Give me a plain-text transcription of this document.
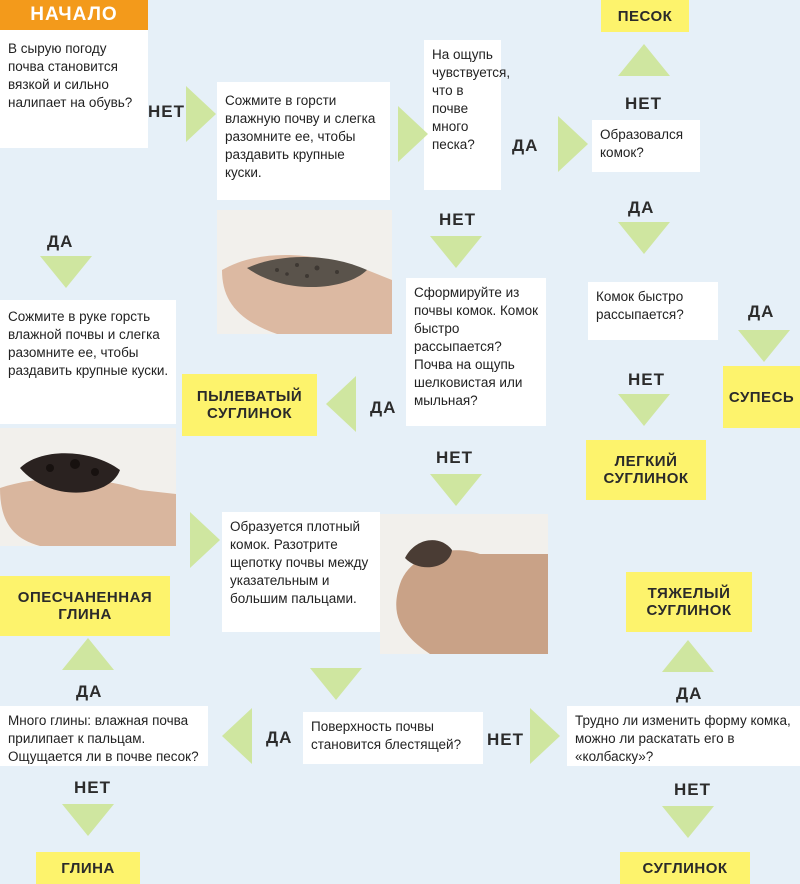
НАЧАЛО
В сырую погоду почва становится вязкой и сильно налипает на обувь?	Сожмите в горсти влажную почву и слегка разомните ее, чтобы раздавить крупные куски.
На ощупь чувствуется, что в почве много песка?
Образовался комок?
Комок быстро рассыпается?
Сформируйте из почвы комок. Комок быстро рассыпается? Почва на ощупь шелковистая или мыльная?
Сожмите в руке горсть влажной почвы и слегка разомните ее, чтобы раздавить крупные куски.
Образуется плотный комок. Разотрите щепотку почвы между указательным и большим пальцами.
Поверхность почвы становится блестящей?
Много глины: влажная почва прилипает к пальцам. Ощущается ли в почве песок?
Трудно ли изменить форму комка, можно ли раскатать его в «колбаску»?
ПЕСОК
СУПЕСЬ
ЛЕГКИЙ СУГЛИНОК
ПЫЛЕВАТЫЙ СУГЛИНОК
ОПЕСЧАНЕННАЯ ГЛИНА
ТЯЖЕЛЫЙ СУГЛИНОК
ГЛИНА	СУГЛИНОК
НЕТ
ДА
ДА
НЕТ
НЕТ
ДА
ДА
НЕТ
ДА
НЕТ
ДА
ДА	НЕТ
ДА
НЕТ	НЕТ
